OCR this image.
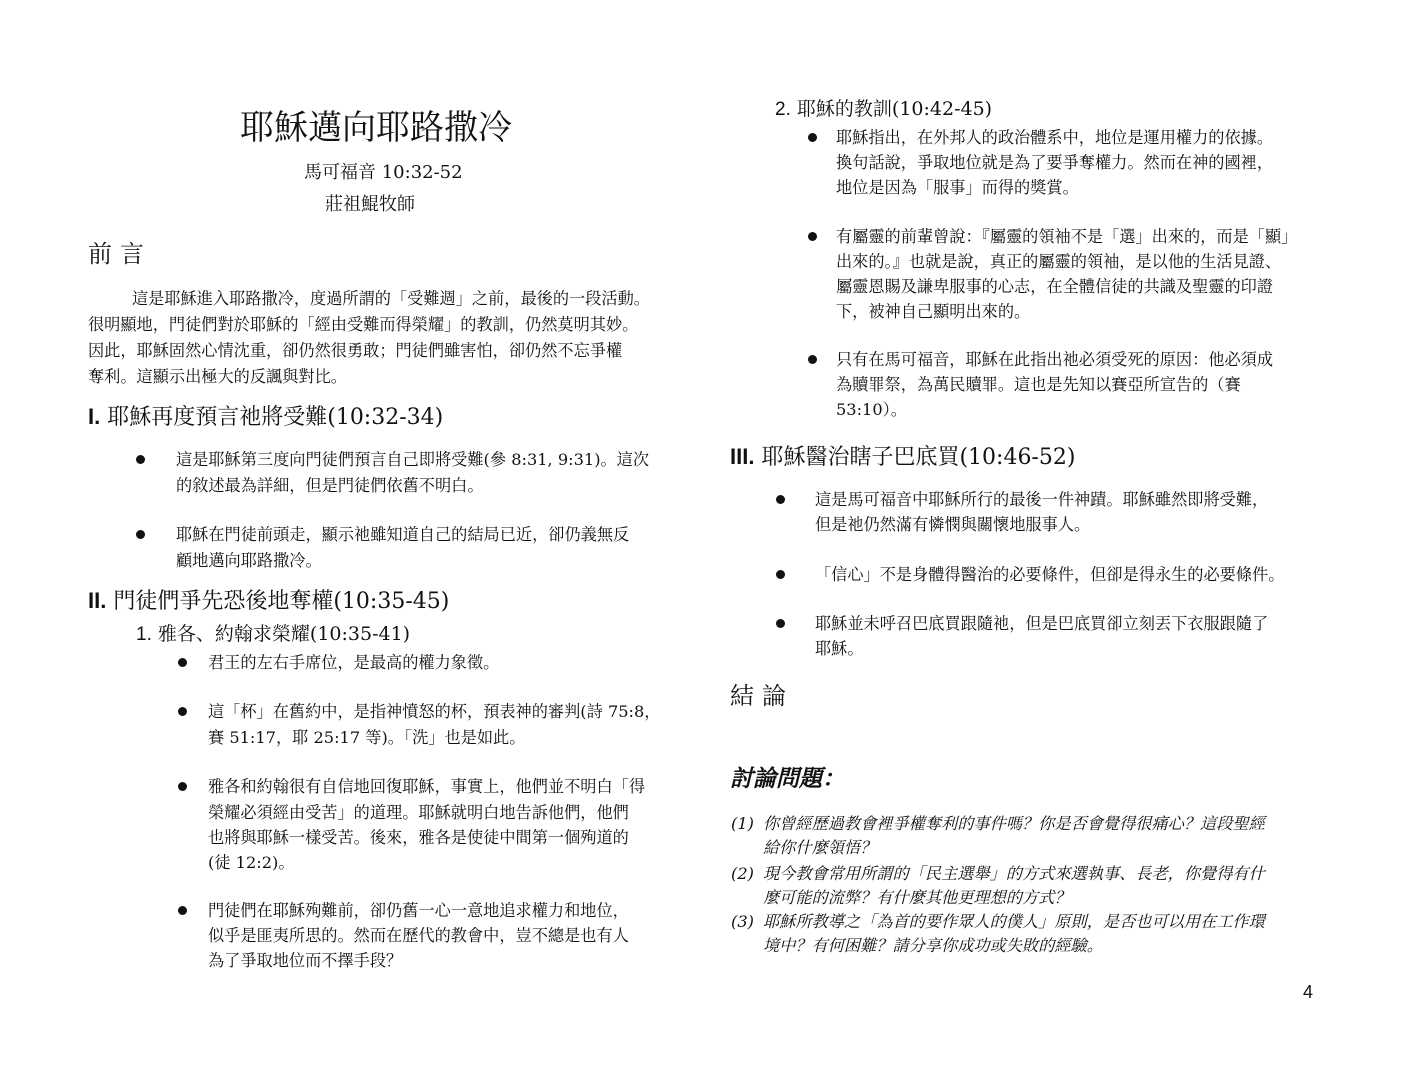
耶穌邁向耶路撒冷
馬可福音 10:32-52
莊祖鯤牧師
前言
這是耶穌進入耶路撒冷，度過所謂的「受難週」之前，最後的一段活動。
很明顯地，門徒們對於耶穌的「經由受難而得榮耀」的教訓，仍然莫明其妙。
因此，耶穌固然心情沈重，卻仍然很勇敢；門徒們雖害怕，卻仍然不忘爭權
奪利。這顯示出極大的反諷與對比。
I. 耶穌再度預言祂將受難(10:32-34)
這是耶穌第三度向門徒們預言自己即將受難(參 8:31, 9:31)。這次
的敘述最為詳細，但是門徒們依舊不明白。
耶穌在門徒前頭走，顯示祂雖知道自己的結局已近，卻仍義無反
顧地邁向耶路撒冷。
II. 門徒們爭先恐後地奪權(10:35-45)
1. 雅各、約翰求榮耀(10:35-41)
君王的左右手席位，是最高的權力象徵。
這「杯」在舊約中，是指神憤怒的杯，預表神的審判(詩 75:8，
賽 51:17，耶 25:17 等)。「洗」也是如此。
雅各和約翰很有自信地回復耶穌，事實上，他們並不明白「得
榮耀必須經由受苦」的道理。耶穌就明白地告訴他們，他們
也將與耶穌一樣受苦。後來，雅各是使徒中間第一個殉道的
(徒 12:2)。
門徒們在耶穌殉難前，卻仍舊一心一意地追求權力和地位，
似乎是匪夷所思的。然而在歷代的教會中，豈不總是也有人
為了爭取地位而不擇手段？
2. 耶穌的教訓(10:42-45)
耶穌指出，在外邦人的政治體系中，地位是運用權力的依據。
換句話說，爭取地位就是為了要爭奪權力。然而在神的國裡，
地位是因為「服事」而得的獎賞。
有屬靈的前輩曾說：『屬靈的領袖不是「選」出來的，而是「顯」
出來的。』也就是說，真正的屬靈的領袖，是以他的生活見證、
屬靈恩賜及謙卑服事的心志，在全體信徒的共識及聖靈的印證
下，被神自己顯明出來的。
只有在馬可福音，耶穌在此指出祂必須受死的原因：他必須成
為贖罪祭，為萬民贖罪。這也是先知以賽亞所宣告的（賽
53:10）。
III. 耶穌醫治瞎子巴底買(10:46-52)
這是馬可福音中耶穌所行的最後一件神蹟。耶穌雖然即將受難，
但是祂仍然滿有憐憫與關懷地服事人。
「信心」不是身體得醫治的必要條件，但卻是得永生的必要條件。
耶穌並未呼召巴底買跟隨祂，但是巴底買卻立刻丟下衣服跟隨了
耶穌。
結論
討論問題：
(1) 你曾經歷過教會裡爭權奪利的事件嗎？你是否會覺得很痛心？這段聖經
給你什麼領悟？
(2) 現今教會常用所謂的「民主選舉」的方式來選執事、長老，你覺得有什
麼可能的流弊？有什麼其他更理想的方式？
(3) 耶穌所教導之「為首的要作眾人的僕人」原則，是否也可以用在工作環
境中？有何困難？請分享你成功或失敗的經驗。
4
